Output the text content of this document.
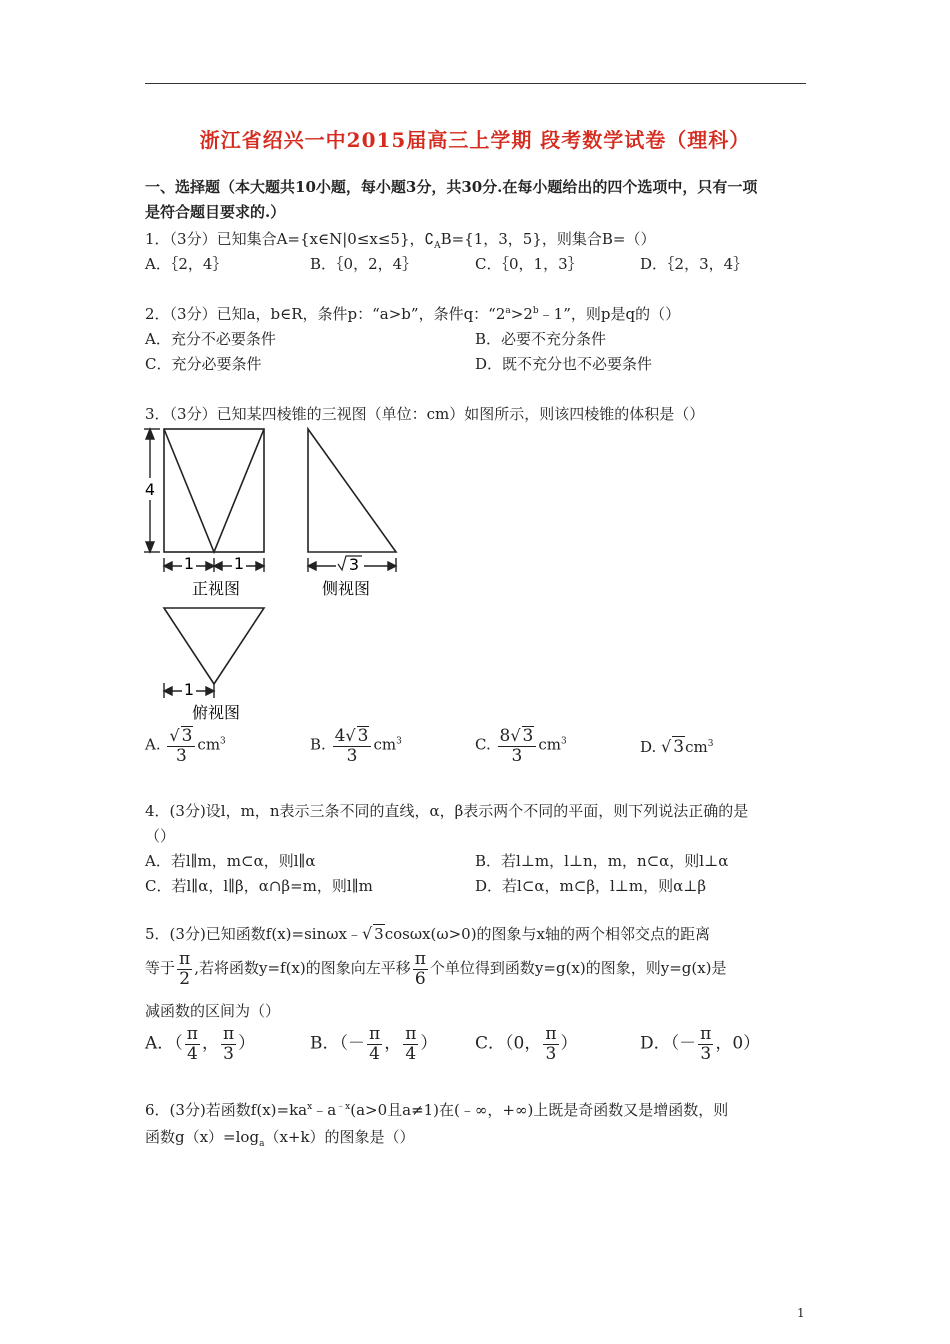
浙江省绍兴一中2015届高三上学期 段考数学试卷（理科）
一、选择题（本大题共10小题，每小题3分，共30分.在每小题给出的四个选项中，只有一项
是符合题目要求的.）
1．（3分）已知集合A={x∈N|0≤x≤5}，$∁_AB=\{1$，3，5}，则集合B=（）
A．｛2，4｝	B．｛0，2，4｝	C．｛0，1，3｝	D．｛2，3，4｝
2．（3分）已知a，b∈R，条件p：“a>b”，条件q：“$2^a>2^b﹣1$”，则p是q的（）
A．充分不必要条件	B．必要不充分条件
C．充分必要条件	D．既不充分也不必要条件
3．（3分）已知某四棱锥的三视图（单位：cm）如图所示，则该四棱锥的体积是（）
4
1 1
正视图
3
侧视图
1
俯视图
A. $\frac{√ 3}{3} cm^3$	B. $\frac{4√ 3}{3} cm^3$	C. $\frac{8√ 3}{3} cm^3$	D. √ $3cm^3$
4．(3分)设l，m，n表示三条不同的直线，α，β表示两个不同的平面，则下列说法正确的是
（）
A．若l∥m，m⊂α，则l∥α	B．若l⊥m，l⊥n，m，n⊂α，则l⊥α
C．若l∥α，l∥β，α∩β=m，则l∥m	D．若l⊂α，m⊂β，l⊥m，则α⊥β
5．(3分)已知函数f(x)=sinωx﹣√ 3cosωx(ω>0)的图象与x轴的两个相邻交点的距离
等于 $\frac{\pi}{2}$ ,若将函数y=f(x)的图象向左平移 $\frac{\pi}{6}$ 个单位得到函数y=g(x)的图象，则y=g(x)是
减函数的区间为（）
A．（ $\frac{\pi}{4}$ ， $\frac{\pi}{3}$ ）	B．（－ $\frac{\pi}{4}$ ， $\frac{\pi}{4}$ ） C．（0， $\frac{\pi}{3}$ ）	D．（－ $\frac{\pi}{3}$ ，0）
6．(3分)若函数$f(x)=ka^x﹣a^{﹣x}(a>0$且a≠1)在(﹣∞，+∞)上既是奇函数又是增函数，则
函数$g(x)=\log_a(x+k)$的图象是（）
1
